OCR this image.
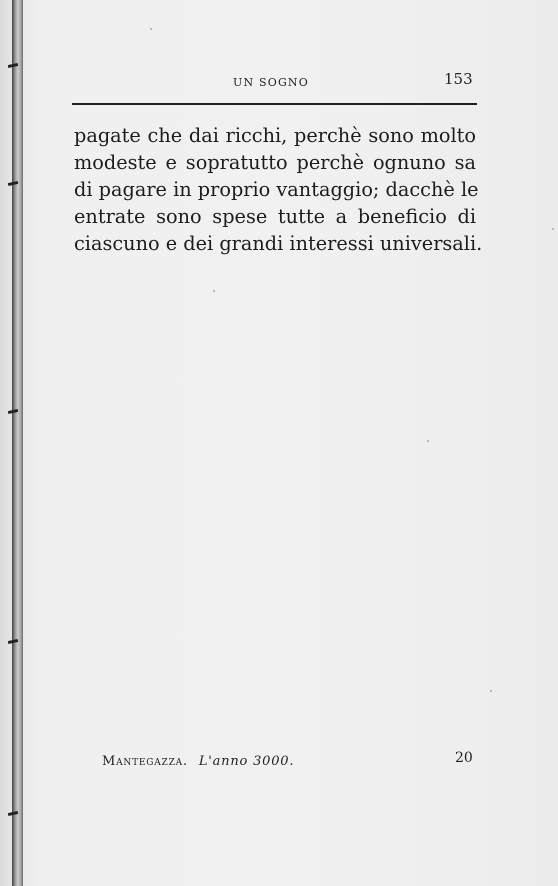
UN SOGNO	153
pagate che dai ricchi, perchè sono molto
modeste e sopratutto perchè ognuno sa
di pagare in proprio vantaggio; dacchè le
entrate sono spese tutte a beneficio di
ciascuno e dei grandi interessi universali.
Mantegazza. L'anno 3000.	20
